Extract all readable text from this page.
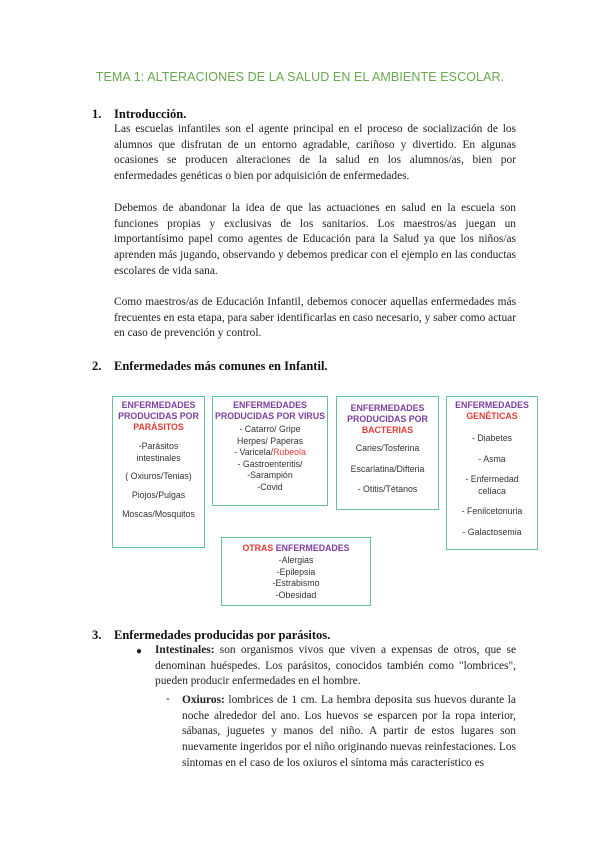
TEMA 1: ALTERACIONES DE LA SALUD EN EL AMBIENTE ESCOLAR.
1. Introducción.
Las escuelas infantiles son el agente principal en el proceso de socialización de los alumnos que disfrutan de un entorno agradable, cariñoso y divertido. En algunas ocasiones se producen alteraciones de la salud en los alumnos/as, bien por enfermedades genéticas o bien por adquisición de enfermedades.
Debemos de abandonar la idea de que las actuaciones en salud en la escuela son funciones propias y exclusivas de los sanitarios. Los maestros/as juegan un importantísimo papel como agentes de Educación para la Salud ya que los niños/as aprenden más jugando, observando y debemos predicar con el ejemplo en las conductas escolares de vida sana.
Como maestros/as de Educación Infantil, debemos conocer aquellas enfermedades más frecuentes en esta etapa, para saber identificarlas en caso necesario, y saber como actuar en caso de prevención y control.
2. Enfermedades más comunes en Infantil.
ENFERMEDADES
PRODUCIDAS POR
PARÁSITOS
-Parásitos intestinales
( Oxiuros/Tenias)
Piojos/Pulgas
Moscas/Mosquitos
ENFERMEDADES
PRODUCIDAS POR VIRUS
- Catarro/ Gripe
Herpes/ Paperas
- Varicela/Rubeola
- Gastroenteritis/
-Sarampión
-Covid
ENFERMEDADES
PRODUCIDAS POR
BACTERIAS
Caries/Tosferina
Escarlatina/Difteria
- Otitis/Tétanos
ENFERMEDADES
GENÉTICAS
- Diabetes
- Asma
- Enfermedad
celíaca
- Fenilcetonuria
- Galactosemia
OTRAS ENFERMEDADES
-Alergias
-Epilepsia
-Estrabismo
-Obesidad
3. Enfermedades producidas por parásitos.
● Intestinales: son organismos vivos que viven a expensas de otros, que se denominan huéspedes. Los parásitos, conocidos también como "lombrices", pueden producir enfermedades en el hombre.
- Oxiuros: lombrices de 1 cm. La hembra deposita sus huevos durante la noche alrededor del ano. Los huevos se esparcen por la ropa interior, sábanas, juguetes y manos del niño. A partir de estos lugares son nuevamente ingeridos por el niño originando nuevas reinfestaciones. Los síntomas en el caso de los oxiuros el síntoma más característico es
